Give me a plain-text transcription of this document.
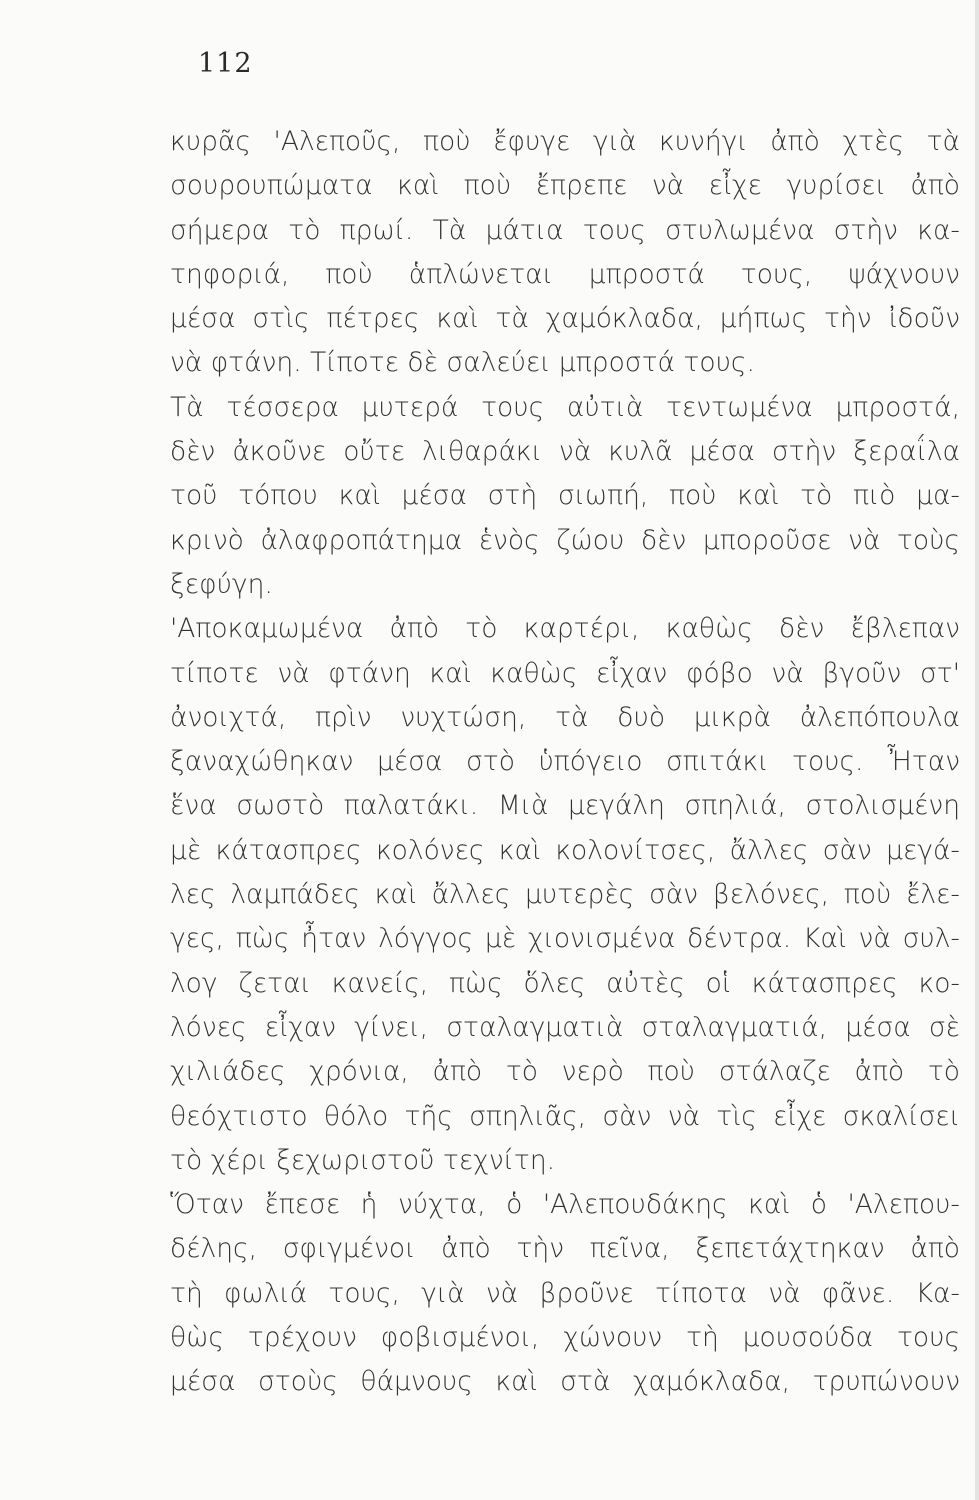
112
κυρᾶς 'Αλεποῦς, ποὺ ἔφυγε γιὰ κυνήγι ἀπὸ χτὲς τὰ
σουρουπώματα καὶ ποὺ ἔπρεπε νὰ εἶχε γυρίσει ἀπὸ
σήμερα τὸ πρωί. Τὰ μάτια τους στυλωμένα στὴν κα-
τηφοριά, ποὺ ἁπλώνεται μπροστά τους, ψάχνουν
μέσα στὶς πέτρες καὶ τὰ χαμόκλαδα, μήπως τὴν ἰδοῦν
νὰ φτάνη. Τίποτε δὲ σαλεύει μπροστά τους.
Τὰ τέσσερα μυτερά τους αὐτιὰ τεντωμένα μπροστά,
δὲν ἀκοῦνε οὔτε λιθαράκι νὰ κυλᾶ μέσα στὴν ξεραΐλα
τοῦ τόπου καὶ μέσα στὴ σιωπή, ποὺ καὶ τὸ πιὸ μα-
κρινὸ ἀλαφροπάτημα ἑνὸς ζώου δὲν μποροῦσε νὰ τοὺς
ξεφύγη.
'Αποκαμωμένα ἀπὸ τὸ καρτέρι, καθὼς δὲν ἔβλεπαν
τίποτε νὰ φτάνη καὶ καθὼς εἶχαν φόβο νὰ βγοῦν στ'
ἀνοιχτά, πρὶν νυχτώση, τὰ δυὸ μικρὰ ἀλεπόπουλα
ξαναχώθηκαν μέσα στὸ ὑπόγειο σπιτάκι τους. Ἦταν
ἕνα σωστὸ παλατάκι. Μιὰ μεγάλη σπηλιά, στολισμένη
μὲ κάτασπρες κολόνες καὶ κολονίτσες, ἄλλες σὰν μεγά-
λες λαμπάδες καὶ ἄλλες μυτερὲς σὰν βελόνες, ποὺ ἔλε-
γες, πὼς ἦταν λόγγος μὲ χιονισμένα δέντρα. Καὶ νὰ συλ-
λογ ζεται κανείς, πὼς ὅλες αὐτὲς οἱ κάτασπρες κο-
λόνες εἶχαν γίνει, σταλαγματιὰ σταλαγματιά, μέσα σὲ
χιλιάδες χρόνια, ἀπὸ τὸ νερὸ ποὺ στάλαζε ἀπὸ τὸ
θεόχτιστο θόλο τῆς σπηλιᾶς, σὰν νὰ τὶς εἶχε σκαλίσει
τὸ χέρι ξεχωριστοῦ τεχνίτη.
Ὅταν ἔπεσε ἡ νύχτα, ὁ 'Αλεπουδάκης καὶ ὁ 'Αλεπου-
δέλης, σφιγμένοι ἀπὸ τὴν πεῖνα, ξεπετάχτηκαν ἀπὸ
τὴ φωλιά τους, γιὰ νὰ βροῦνε τίποτα νὰ φᾶνε. Κα-
θὼς τρέχουν φοβισμένοι, χώνουν τὴ μουσούδα τους
μέσα στοὺς θάμνους καὶ στὰ χαμόκλαδα, τρυπώνουν
